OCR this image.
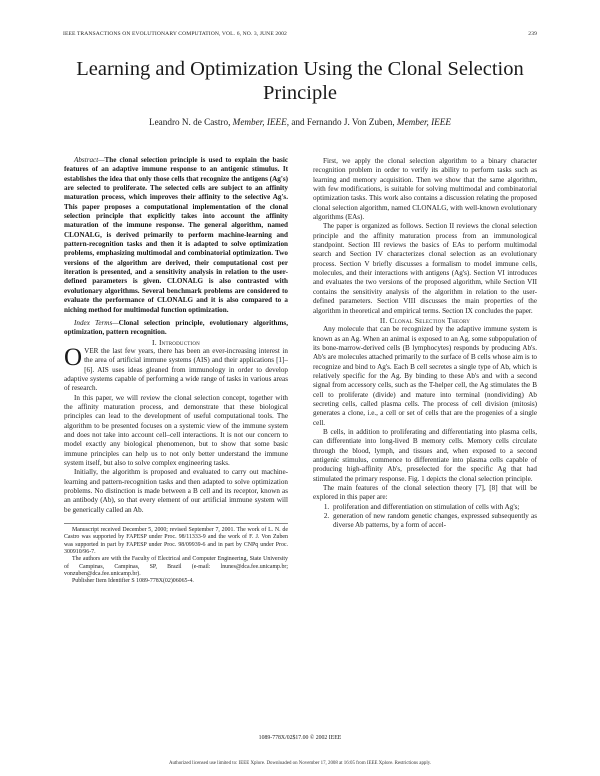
IEEE TRANSACTIONS ON EVOLUTIONARY COMPUTATION, VOL. 6, NO. 3, JUNE 2002	239
Learning and Optimization Using the Clonal Selection Principle
Leandro N. de Castro, Member, IEEE, and Fernando J. Von Zuben, Member, IEEE

Abstract—The clonal selection principle is used to explain the basic features of an adaptive immune response to an antigenic stimulus. It establishes the idea that only those cells that recognize the antigens (Ag's) are selected to proliferate. The selected cells are subject to an affinity maturation process, which improves their affinity to the selective Ag's. This paper proposes a computational implementation of the clonal selection principle that explicitly takes into account the affinity maturation of the immune response. The general algorithm, named CLONALG, is derived primarily to perform machine-learning and pattern-recognition tasks and then it is adapted to solve optimization problems, emphasizing multimodal and combinatorial optimization. Two versions of the algorithm are derived, their computational cost per iteration is presented, and a sensitivity analysis in relation to the user-defined parameters is given. CLONALG is also contrasted with evolutionary algorithms. Several benchmark problems are considered to evaluate the performance of CLONALG and it is also compared to a niching method for multimodal function optimization.

Index Terms—Clonal selection principle, evolutionary algorithms, optimization, pattern recognition.

I. Introduction

OVER the last few years, there has been an ever-increasing interest in the area of artificial immune systems (AIS) and their applications [1]–[6]. AIS uses ideas gleaned from immunology in order to develop adaptive systems capable of performing a wide range of tasks in various areas of research.

In this paper, we will review the clonal selection concept, together with the affinity maturation process, and demonstrate that these biological principles can lead to the development of useful computational tools. The algorithm to be presented focuses on a systemic view of the immune system and does not take into account cell–cell interactions. It is not our concern to model exactly any biological phenomenon, but to show that some basic immune principles can help us to not only better understand the immune system itself, but also to solve complex engineering tasks.

Initially, the algorithm is proposed and evaluated to carry out machine-learning and pattern-recognition tasks and then adapted to solve optimization problems. No distinction is made between a B cell and its receptor, known as an antibody (Ab), so that every element of our artificial immune system will be generically called an Ab.

Manuscript received December 5, 2000; revised September 7, 2001. The work of L. N. de Castro was supported by FAPESP under Proc. 98/11333-9 and the work of F. J. Von Zuben was supported in part by FAPESP under Proc. 98/09939-6 and in part by CNPq under Proc. 300910/96-7.

The authors are with the Faculty of Electrical and Computer Engineering, State University of Campinas, Campinas, SP, Brazil (e-mail: lnunes@dca.fee.unicamp.br; vonzuben@dca.fee.unicamp.br).

Publisher Item Identifier S 1089-778X(02)06065-4.

First, we apply the clonal selection algorithm to a binary character recognition problem in order to verify its ability to perform tasks such as learning and memory acquisition. Then we show that the same algorithm, with few modifications, is suitable for solving multimodal and combinatorial optimization tasks. This work also contains a discussion relating the proposed clonal selection algorithm, named CLONALG, with well-known evolutionary algorithms (EAs).

The paper is organized as follows. Section II reviews the clonal selection principle and the affinity maturation process from an immunological standpoint. Section III reviews the basics of EAs to perform multimodal search and Section IV characterizes clonal selection as an evolutionary process. Section V briefly discusses a formalism to model immune cells, molecules, and their interactions with antigens (Ag's). Section VI introduces and evaluates the two versions of the proposed algorithm, while Section VII contains the sensitivity analysis of the algorithm in relation to the user-defined parameters. Section VIII discusses the main properties of the algorithm in theoretical and empirical terms. Section IX concludes the paper.

II. Clonal Selection Theory

Any molecule that can be recognized by the adaptive immune system is known as an Ag. When an animal is exposed to an Ag, some subpopulation of its bone-marrow-derived cells (B lymphocytes) responds by producing Ab's. Ab's are molecules attached primarily to the surface of B cells whose aim is to recognize and bind to Ag's. Each B cell secretes a single type of Ab, which is relatively specific for the Ag. By binding to these Ab's and with a second signal from accessory cells, such as the T-helper cell, the Ag stimulates the B cell to proliferate (divide) and mature into terminal (nondividing) Ab secreting cells, called plasma cells. The process of cell division (mitosis) generates a clone, i.e., a cell or set of cells that are the progenies of a single cell.

B cells, in addition to proliferating and differentiating into plasma cells, can differentiate into long-lived B memory cells. Memory cells circulate through the blood, lymph, and tissues and, when exposed to a second antigenic stimulus, commence to differentiate into plasma cells capable of producing high-affinity Ab's, preselected for the specific Ag that had stimulated the primary response. Fig. 1 depicts the clonal selection principle.

The main features of the clonal selection theory [7], [8] that will be explored in this paper are:

1. proliferation and differentiation on stimulation of cells with Ag's;
2. generation of new random genetic changes, expressed subsequently as diverse Ab patterns, by a form of accel-
1089-778X/02$17.00 © 2002 IEEE
Authorized licensed use limited to: IEEE Xplore. Downloaded on November 17, 2008 at 16:05 from IEEE Xplore. Restrictions apply.
